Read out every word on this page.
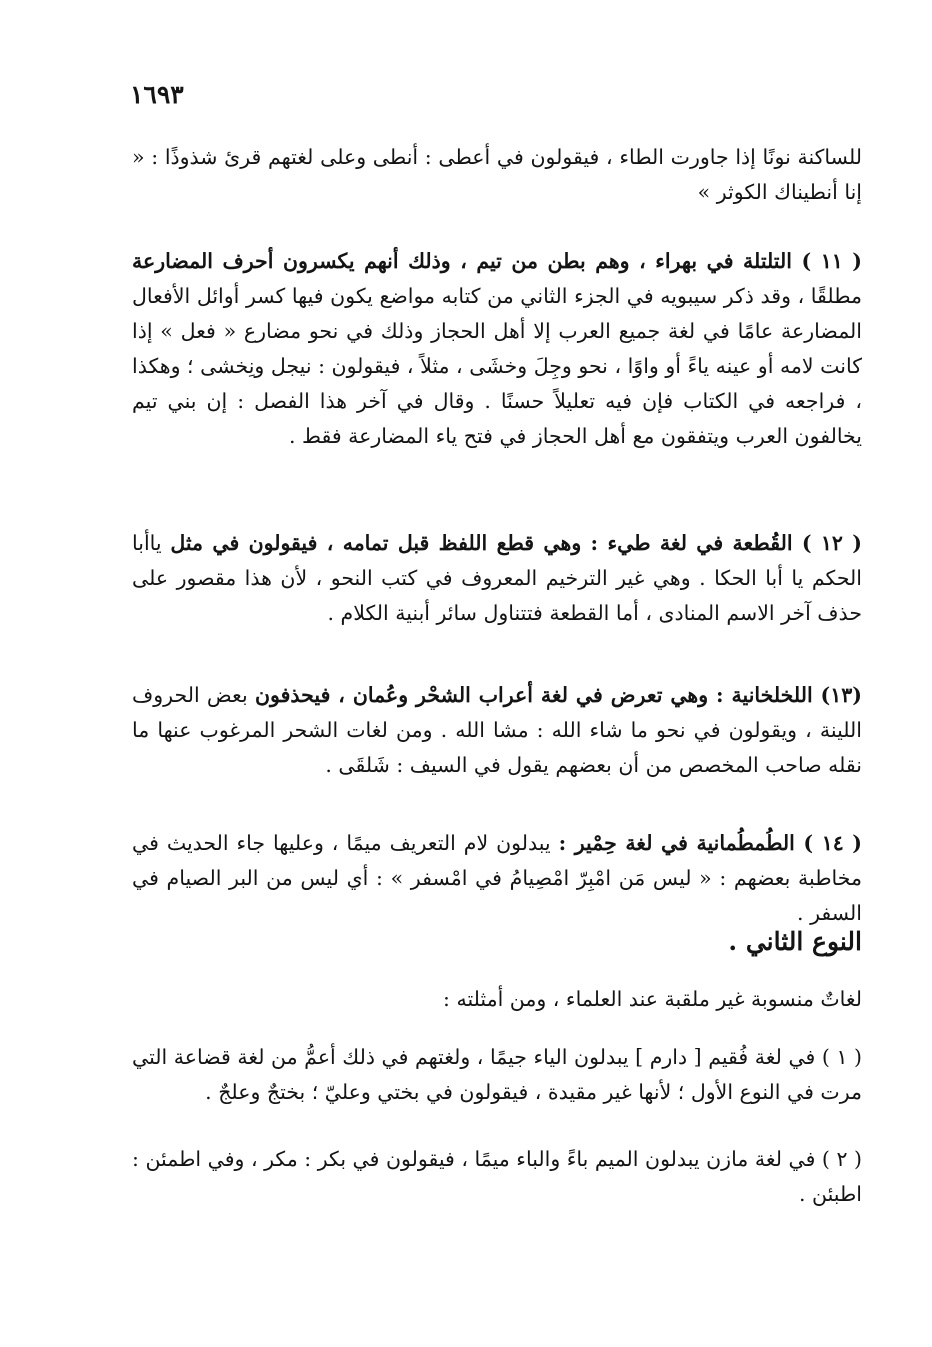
١٦٩٣

للساكنة نونًا إذا جاورت الطاء ، فيقولون في أعطى : أنطى وعلى لغتهم قرئ شذوذًا : « إنا أنطيناك الكوثر »

( ١١ ) التلتلة في بهراء ، وهم بطن من تيم ، وذلك أنهم يكسرون أحرف المضارعة مطلقًا ، وقد ذكر سيبويه في الجزء الثاني من كتابه مواضع يكون فيها كسر أوائل الأفعال المضارعة عامًا في لغة جميع العرب إلا أهل الحجاز وذلك في نحو مضارع « فعل » إذا كانت لامه أو عينه ياءً أو واوًا ، نحو وجِلَ وخشَى ، مثلاً ، فيقولون : نيجل ونِخشى ؛ وهكذا ، فراجعه في الكتاب فإن فيه تعليلاً حسنًا . وقال في آخر هذا الفصل : إن بني تيم يخالفون العرب ويتفقون مع أهل الحجاز في فتح ياء المضارعة فقط .

( ١٢ ) القُطعة في لغة طيء : وهي قطع اللفظ قبل تمامه ، فيقولون في مثل ياأبا الحكم يا أبا الحكا . وهي غير الترخيم المعروف في كتب النحو ، لأن هذا مقصور على حذف آخر الاسم المنادى ، أما القطعة فتتناول سائر أبنية الكلام .

(١٣) اللخلخانية : وهي تعرض في لغة أعراب الشحْر وعُمان ، فيحذفون بعض الحروف اللينة ، ويقولون في نحو ما شاء الله : مشا الله . ومن لغات الشحر المرغوب عنها ما نقله صاحب المخصص من أن بعضهم يقول في السيف : شَلقَى .

( ١٤ ) الطُمطُمانية في لغة حِمْير : يبدلون لام التعريف ميمًا ، وعليها جاء الحديث في مخاطبة بعضهم : « ليس مَن امْبِرّ امْصِيامُ في امْسفر » : أي ليس من البر الصيام في السفر .

النوع الثاني .

لغاتٌ منسوبة غير ملقبة عند العلماء ، ومن أمثلته :

( ١ ) في لغة فُقيم [ دارم ] يبدلون الياء جيمًا ، ولغتهم في ذلك أعمُّ من لغة قضاعة التي مرت في النوع الأول ؛ لأنها غير مقيدة ، فيقولون في بختي وعليّ ؛ بختجٌ وعلجٌ .

( ٢ ) في لغة مازن يبدلون الميم باءً والباء ميمًا ، فيقولون في بكر : مكر ، وفي اطمئن : اطبئن .
